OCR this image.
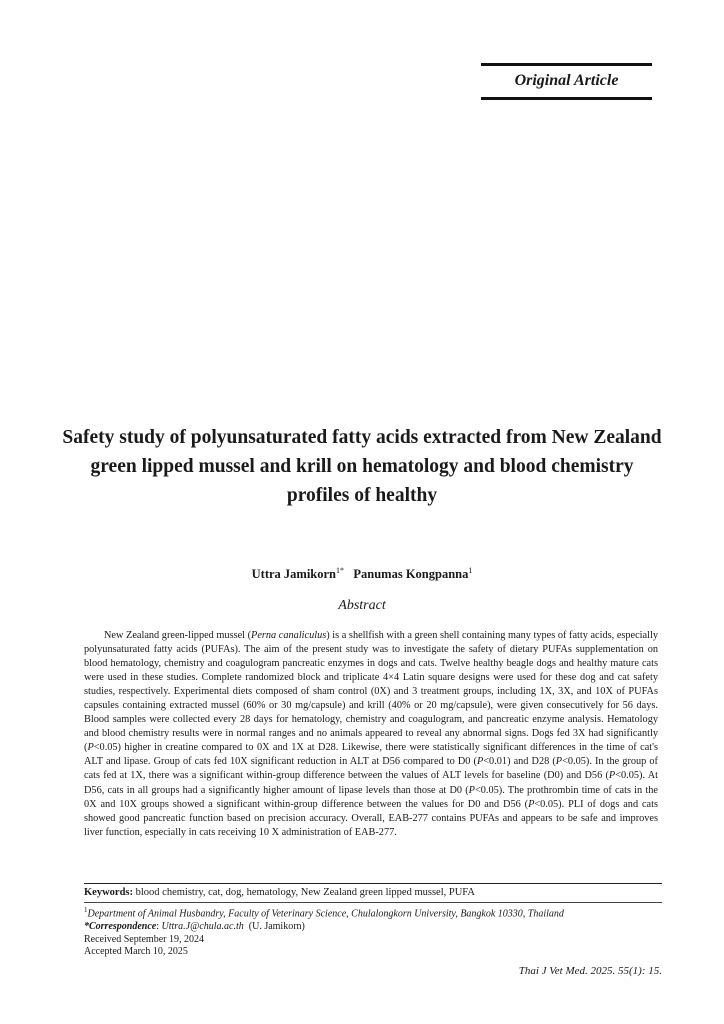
Original Article
Safety study of polyunsaturated fatty acids extracted from New Zealand green lipped mussel and krill on hematology and blood chemistry profiles of healthy
Uttra Jamikorn$^{1*}$ Panumas Kongpanna$^1$
Abstract

New Zealand green-lipped mussel (Perna canaliculus) is a shellfish with a green shell containing many types of fatty acids, especially polyunsaturated fatty acids (PUFAs). The aim of the present study was to investigate the safety of dietary PUFAs supplementation on blood hematology, chemistry and coagulogram pancreatic enzymes in dogs and cats. Twelve healthy beagle dogs and healthy mature cats were used in these studies. Complete randomized block and triplicate 4×4 Latin square designs were used for these dog and cat safety studies, respectively. Experimental diets composed of sham control (0X) and 3 treatment groups, including 1X, 3X, and 10X of PUFAs capsules containing extracted mussel (60% or 30 mg/capsule) and krill (40% or 20 mg/capsule), were given consecutively for 56 days. Blood samples were collected every 28 days for hematology, chemistry and coagulogram, and pancreatic enzyme analysis. Hematology and blood chemistry results were in normal ranges and no animals appeared to reveal any abnormal signs. Dogs fed 3X had significantly (P<0.05) higher in creatine compared to 0X and 1X at D28. Likewise, there were statistically significant differences in the time of cat's ALT and lipase. Group of cats fed 10X significant reduction in ALT at D56 compared to D0 (P<0.01) and D28 (P<0.05). In the group of cats fed at 1X, there was a significant within-group difference between the values of ALT levels for baseline (D0) and D56 (P<0.05). At D56, cats in all groups had a significantly higher amount of lipase levels than those at D0 (P<0.05). The prothrombin time of cats in the 0X and 10X groups showed a significant within-group difference between the values for D0 and D56 (P<0.05). PLI of dogs and cats showed good pancreatic function based on precision accuracy. Overall, EAB-277 contains PUFAs and appears to be safe and improves liver function, especially in cats receiving 10 X administration of EAB-277.

Keywords: blood chemistry, cat, dog, hematology, New Zealand green lipped mussel, PUFA
$^1$Department of Animal Husbandry, Faculty of Veterinary Science, Chulalongkorn University, Bangkok 10330, Thailand
*Correspondence: Uttra.J@chula.ac.th  (U. Jamikorn)
Received September 19, 2024
Accepted March 10, 2025
Thai J Vet Med. 2025. 55(1): 15.
